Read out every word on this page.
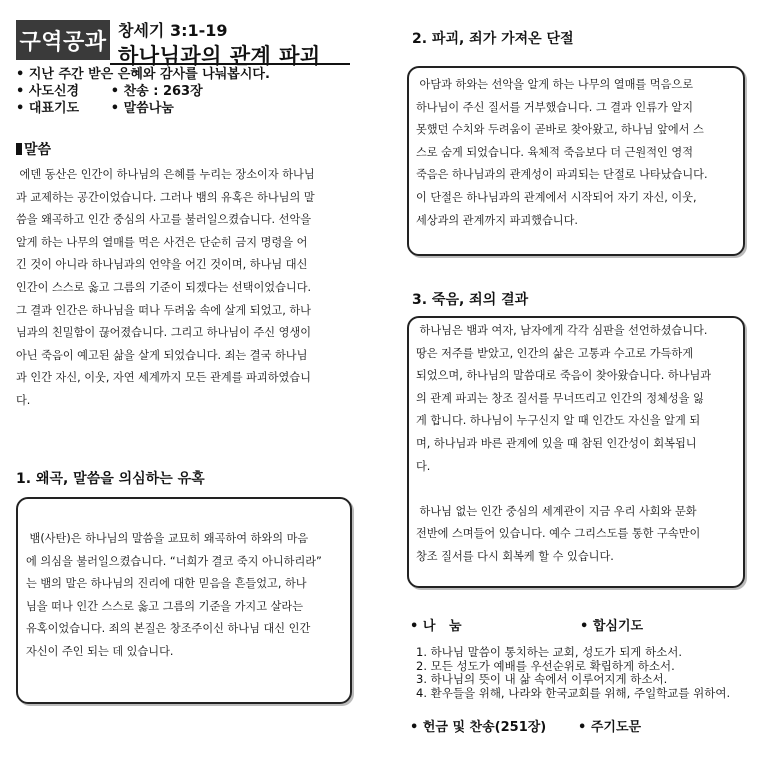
구역공과 창세기 3:1-19
하나님과의 관계 파괴
• 지난 주간 받은 은혜와 감사를 나눠봅시다.
• 사도신경       • 찬송 : 263장
• 대표기도       • 말씀나눔
말씀
에덴 동산은 인간이 하나님의 은혜를 누리는 장소이자 하나님
과 교제하는 공간이었습니다. 그러나 뱀의 유혹은 하나님의 말
씀을 왜곡하고 인간 중심의 사고를 불러일으켰습니다. 선악을
알게 하는 나무의 열매를 먹은 사건은 단순히 금지 명령을 어
긴 것이 아니라 하나님과의 언약을 어긴 것이며, 하나님 대신
인간이 스스로 옳고 그름의 기준이 되겠다는 선택이었습니다.
그 결과 인간은 하나님을 떠나 두려움 속에 살게 되었고, 하나
님과의 친밀함이 끊어졌습니다. 그리고 하나님이 주신 영생이
아닌 죽음이 예고된 삶을 살게 되었습니다. 죄는 결국 하나님
과 인간 자신, 이웃, 자연 세계까지 모든 관계를 파괴하였습니
다.
1. 왜곡, 말씀을 의심하는 유혹
뱀(사탄)은 하나님의 말씀을 교묘히 왜곡하여 하와의 마음
에 의심을 불러일으켰습니다. “너희가 결코 죽지 아니하리라”
는 뱀의 말은 하나님의 진리에 대한 믿음을 흔들었고, 하나
님을 떠나 인간 스스로 옳고 그름의 기준을 가지고 살라는
유혹이었습니다. 죄의 본질은 창조주이신 하나님 대신 인간
자신이 주인 되는 데 있습니다.
2. 파괴, 죄가 가져온 단절
아담과 하와는 선악을 알게 하는 나무의 열매를 먹음으로
하나님이 주신 질서를 거부했습니다. 그 결과 인류가 알지
못했던 수치와 두려움이 곧바로 찾아왔고, 하나님 앞에서 스
스로 숨게 되었습니다. 육체적 죽음보다 더 근원적인 영적
죽음은 하나님과의 관계성이 파괴되는 단절로 나타났습니다.
이 단절은 하나님과의 관계에서 시작되어 자기 자신, 이웃,
세상과의 관계까지 파괴했습니다.
3. 죽음, 죄의 결과
하나님은 뱀과 여자, 남자에게 각각 심판을 선언하셨습니다.
땅은 저주를 받았고, 인간의 삶은 고통과 수고로 가득하게
되었으며, 하나님의 말씀대로 죽음이 찾아왔습니다. 하나님과
의 관계 파괴는 창조 질서를 무너뜨리고 인간의 정체성을 잃
게 합니다. 하나님이 누구신지 알 때 인간도 자신을 알게 되
며, 하나님과 바른 관계에 있을 때 참된 인간성이 회복됩니
다.
하나님 없는 인간 중심의 세계관이 지금 우리 사회와 문화
전반에 스며들어 있습니다. 예수 그리스도를 통한 구속만이
창조 질서를 다시 회복케 할 수 있습니다.
• 나   눔	• 합심기도
1. 하나님 말씀이 통치하는 교회, 성도가 되게 하소서.
2. 모든 성도가 예배를 우선순위로 확립하게 하소서.
3. 하나님의 뜻이 내 삶 속에서 이루어지게 하소서.
4. 환우들을 위해, 나라와 한국교회를 위해, 주일학교를 위하여.
• 헌금 및 찬송(251장) • 주기도문
